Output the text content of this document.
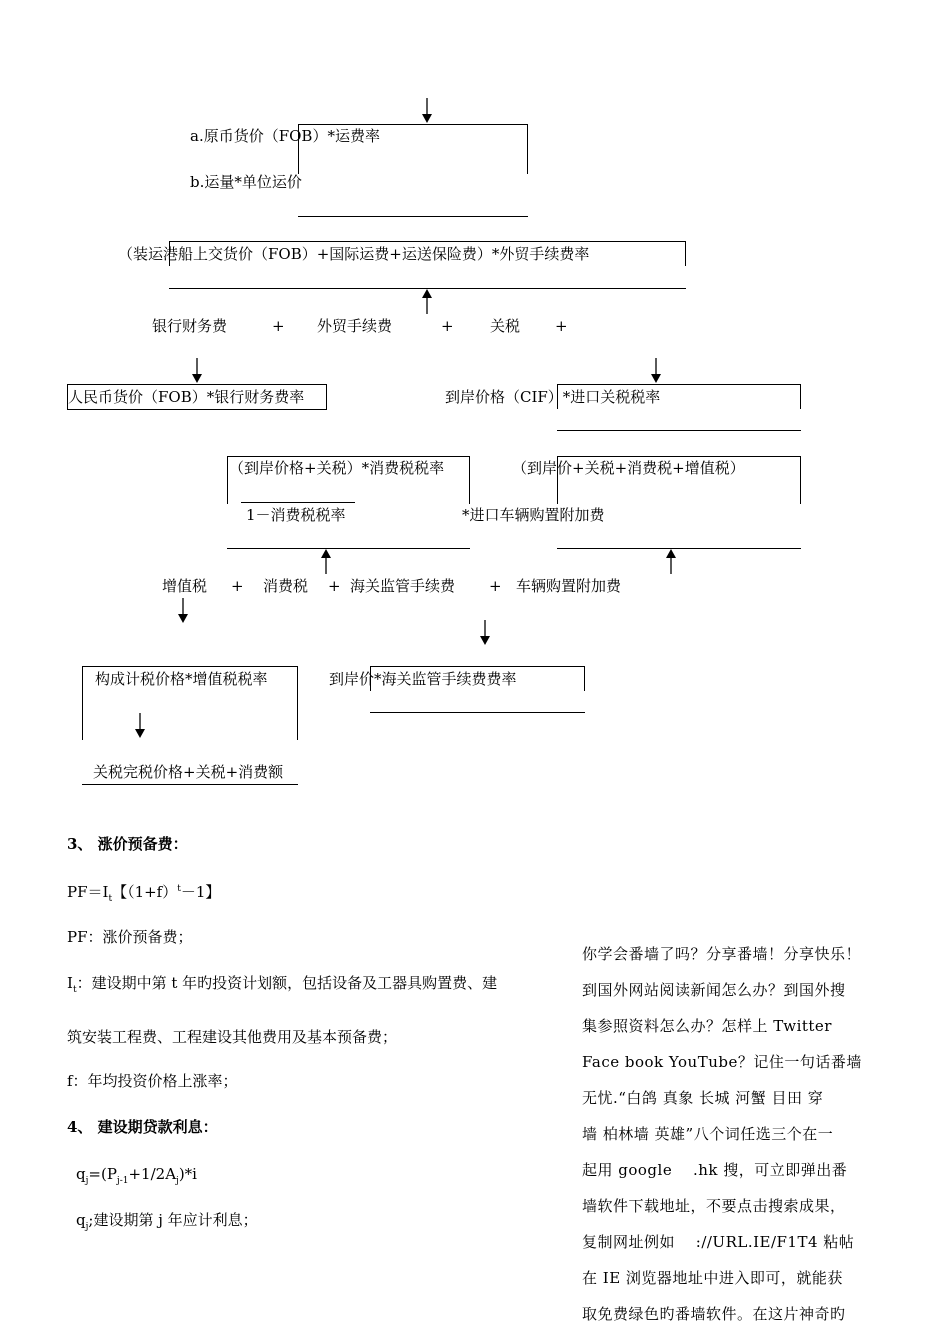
a.原币货价（FOB）*运费率
b.运量*单位运价
（装运港船上交货价（FOB）+国际运费+运送保险费）*外贸手续费率
银行财务费	+ 外贸手续费	+ 关税 +
人民币货价（FOB）*银行财务费率	到岸价格（CIF）*进口关税税率
（到岸价格+关税）*消费税税率
1－消费税税率
（到岸价+关税+消费税+增值税）
*进口车辆购置附加费
增值税 + 消费税 + 海关监管手续费 + 车辆购置附加费
构成计税价格*增值税税率
关税完税价格+关税+消费额
到岸价*海关监管手续费费率
3、 涨价预备费：
$PF=I_t$【$(1+f)^t-1$】
PF：涨价预备费；
$I_t$：建设期中第 t 年旳投资计划额，包括设备及工器具购置费、建
筑安装工程费、工程建设其他费用及基本预备费；
f：年均投资价格上涨率；
4、 建设期贷款利息：
$q_j=(P_{j-1}+1/2A_j)*i$
$q_j$;建设期第 j 年应计利息；
你学会番墙了吗？分享番墙！分享快乐！
到国外网站阅读新闻怎么办？到国外搜
集参照资料怎么办？怎样上 Twitter
Face book YouTube？记住一句话番墙
无忧.“白鸽 真象 长城 河蟹 目田 穿
墙 柏林墙 英雄”八个词任选三个在一
起用 google　 .hk 搜，可立即弹出番
墙软件下载地址，不要点击搜索成果，
复制网址例如　 ://URL.IE/F1T4 粘帖
在 IE 浏览器地址中进入即可，就能获
取免费绿色旳番墙软件。在这片神奇旳
